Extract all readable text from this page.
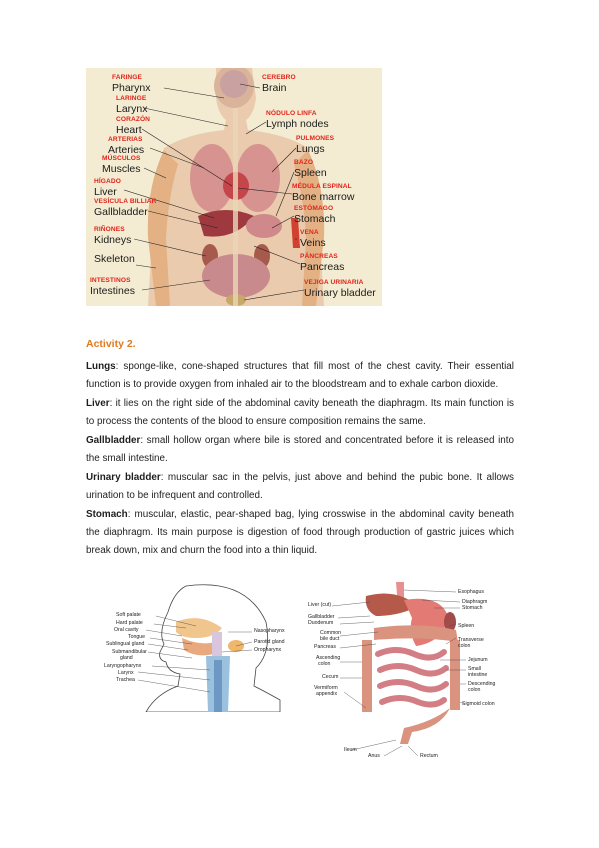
FARINGE
Pharynx
LARINGE
Larynx
CORAZÓN
Heart
ARTERIAS
Arteries
MÚSCULOS
Muscles
HÍGADO
Liver
VESÍCULA BILLIAR
Gallbladder
RIÑONES
Kidneys
Skeleton
INTESTINOS
Intestines
CEREBRO
Brain
NÓDULO LINFA
Lymph nodes
PULMONES
Lungs
BAZO
Spleen
MÉDULA ESPINAL
Bone marrow
ESTÓMAGO
Stomach
VENA
Veins
PÁNCREAS
Pancreas
VEJIGA URINARIA
Urinary bladder
Activity 2.
Lungs: sponge-like, cone-shaped structures that fill most of the chest cavity. Their essential function is to provide oxygen from inhaled air to the bloodstream and to exhale carbon dioxide.
Liver: it lies on the right side of the abdominal cavity beneath the diaphragm. Its main function is to process the contents of the blood to ensure composition remains the same.
Gallbladder: small hollow organ where bile is stored and concentrated before it is released into the small intestine.
Urinary bladder: muscular sac in the pelvis, just above and behind the pubic bone. It allows urination to be infrequent and controlled.
Stomach: muscular, elastic, pear-shaped bag, lying crosswise in the abdominal cavity beneath the diaphragm. Its main purpose is digestion of food through production of gastric juices which break down, mix and churn the food into a thin liquid.
Soft palate
Hard palate
Oral cavity
Tongue
Sublingual gland
Submandibular
gland
Laryngopharynx
Larynx
Trachea
Nasopharynx
Parotid gland
Oropharynx
Liver (cut)
Gallbladder
Duodenum
Common
bile duct
Pancreas
Ascending
colon
Cecum
Vermiform
appendix
Esophagus
Diaphragm
Stomach
Spleen
Transverse
colon
Jejunum
Small
intestine
Descending
colon
Sigmoid colon
Ileum
Anus	Rectum
